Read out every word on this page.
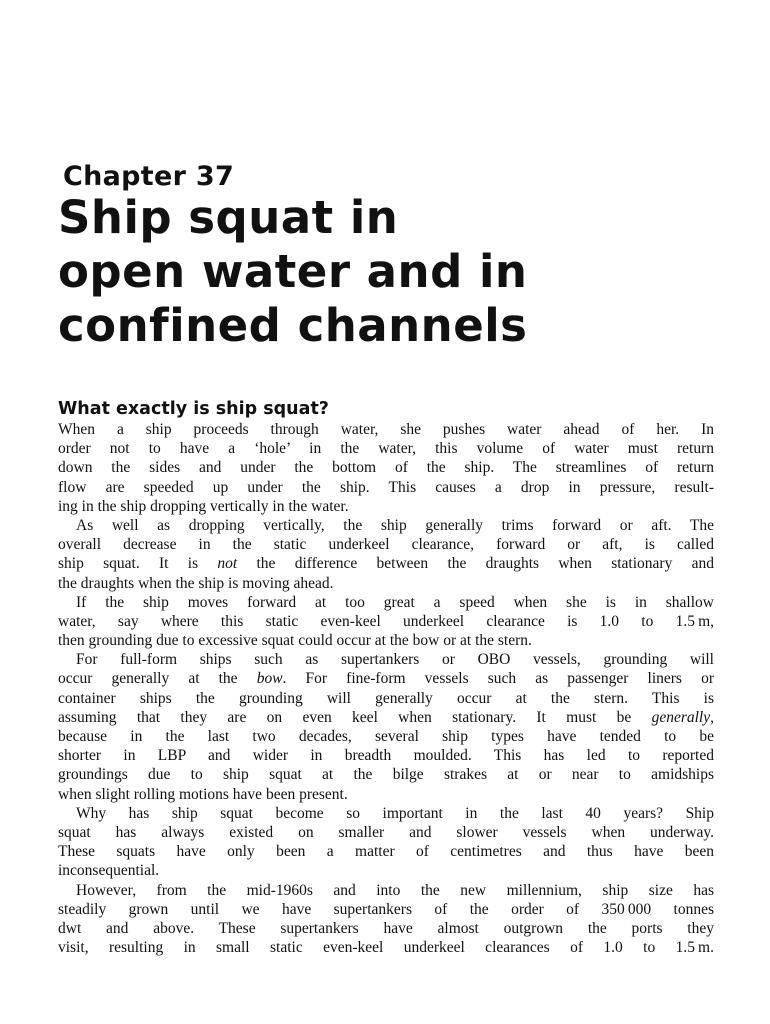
Chapter 37
Ship squat in
open water and in
confined channels
What exactly is ship squat?
When a ship proceeds through water, she pushes water ahead of her. In
order not to have a ‘hole’ in the water, this volume of water must return
down the sides and under the bottom of the ship. The streamlines of return
flow are speeded up under the ship. This causes a drop in pressure, result-
ing in the ship dropping vertically in the water.
As well as dropping vertically, the ship generally trims forward or aft. The
overall decrease in the static underkeel clearance, forward or aft, is called
ship squat. It is not the difference between the draughts when stationary and
the draughts when the ship is moving ahead.
If the ship moves forward at too great a speed when she is in shallow
water, say where this static even-keel underkeel clearance is 1.0 to 1.5 m,
then grounding due to excessive squat could occur at the bow or at the stern.
For full-form ships such as supertankers or OBO vessels, grounding will
occur generally at the bow. For fine-form vessels such as passenger liners or
container ships the grounding will generally occur at the stern. This is
assuming that they are on even keel when stationary. It must be generally,
because in the last two decades, several ship types have tended to be
shorter in LBP and wider in breadth moulded. This has led to reported
groundings due to ship squat at the bilge strakes at or near to amidships
when slight rolling motions have been present.
Why has ship squat become so important in the last 40 years? Ship
squat has always existed on smaller and slower vessels when underway.
These squats have only been a matter of centimetres and thus have been
inconsequential.
However, from the mid-1960s and into the new millennium, ship size has
steadily grown until we have supertankers of the order of 350 000 tonnes
dwt and above. These supertankers have almost outgrown the ports they
visit, resulting in small static even-keel underkeel clearances of 1.0 to 1.5 m.
